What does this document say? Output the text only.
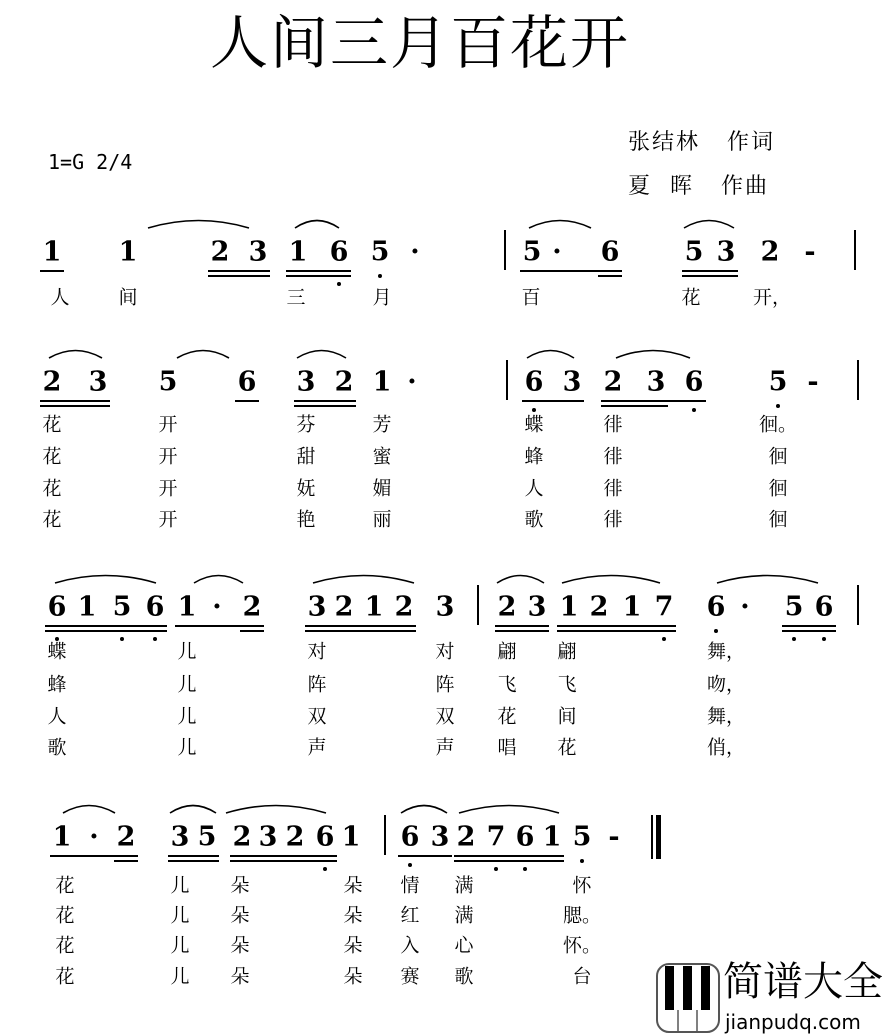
人间三月百花开
1=G 2/4
张结林   作词
夏  晖   作曲
1 1	2 3 1 6 5 ·	5 · 6 5 3 2 -
人	间	三	月	百	花	开，
2 3 5 6 3 2 1 ·	6 3 2 3 6 5 -
花	开	芬	芳	蝶	徘	徊。
花	开	甜	蜜	蜂	徘	徊
花	开	妩	媚	人	徘	徊
花	开	艳	丽	歌	徘	徊
6 1 5 6 1 · 2 3 2 1 2 3 2 3 1 2 1 7 6 · 5 6
蝶	儿	对	对 翩 翩	舞，
蜂	儿	阵	阵 飞 飞	吻，
人	儿	双	双 花 间	舞，
歌	儿	声	声 唱 花	俏，
1 · 2 3 5 2 3 2 6 1 6 3 2 7 6 1 5 -
花	儿 朵	朵 情 满	怀
花	儿 朵	朵 红 满	腮。
花	儿 朵	朵 入 心	怀。
花	儿 朵	朵 赛 歌	台	简谱大全
jianpudq.com
